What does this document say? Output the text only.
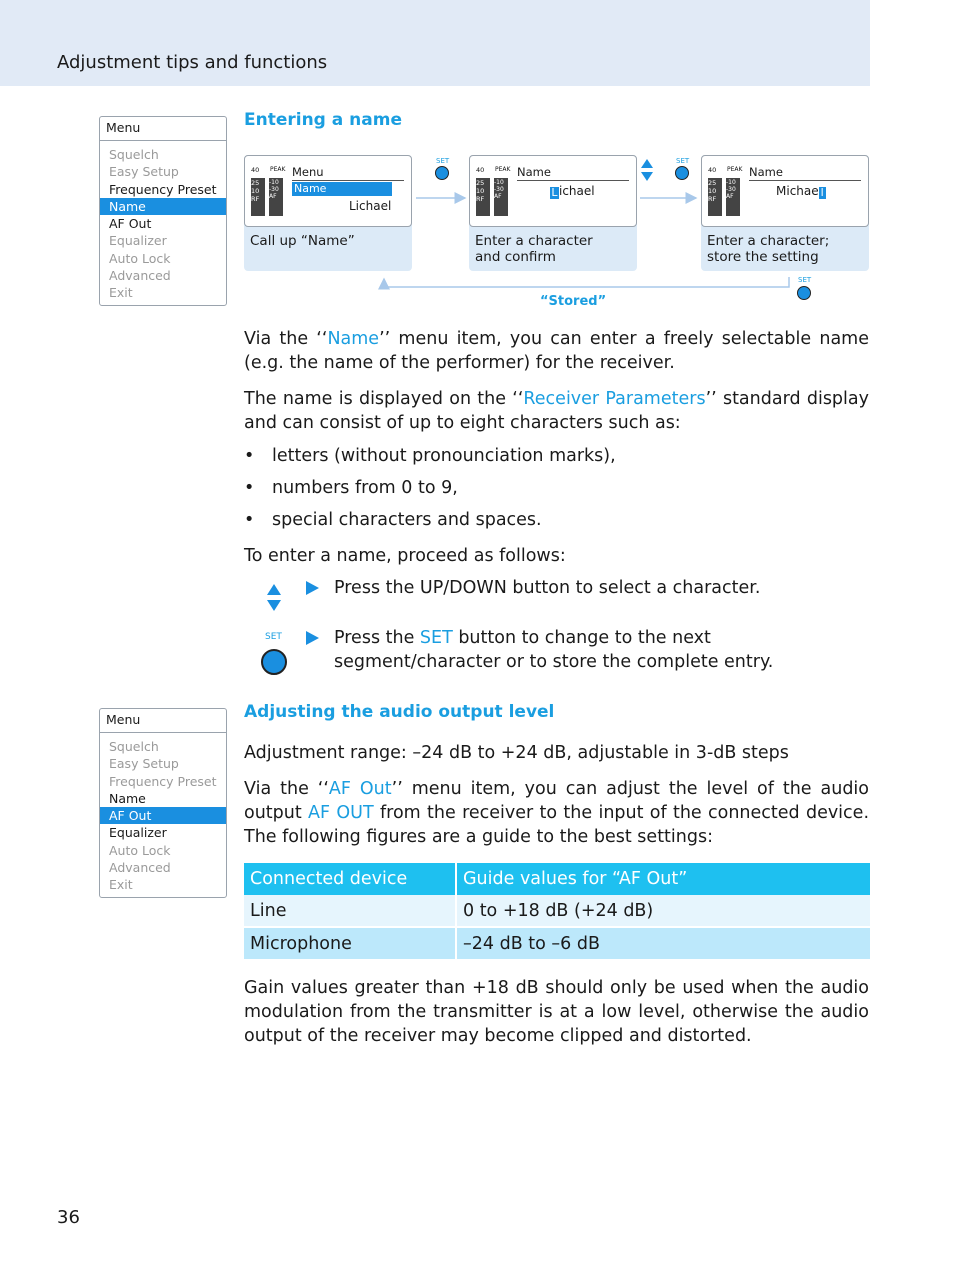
Adjustment tips and functions
Menu
Squelch
Easy Setup
Frequency Preset
Name
AF Out
Equalizer
Auto Lock
Advanced
Exit
Entering a name
40 PEAK
25
10
RF
-10
-30
AF
Menu
Name
Lichael
Call up “Name”
SET
40 PEAK
25
10
RF
-10
-30
AF
Name
Lichael
Enter a character
and confirm
SET
40 PEAK
25
10
RF
-10
-30
AF
Name
Michae l
Enter a character;
store the setting
SET
“Stored”
Via the ‘‘Name’’ menu item, you can enter a freely selectable name (e.g. the name of the performer) for the receiver.
The name is displayed on the ‘‘Receiver Parameters’’ standard display and can consist of up to eight characters such as:
• letters (without pronounciation marks),
• numbers from 0 to 9,
• special characters and spaces.
To enter a name, proceed as follows:
Press the UP/DOWN button to select a character.
SET	Press the SET button to change to the next segment/character or to store the complete entry.
Menu
Squelch
Easy Setup
Frequency Preset
Name
AF Out
Equalizer
Auto Lock
Advanced
Exit
Adjusting the audio output level
Adjustment range: –24 dB to +24 dB, adjustable in 3-dB steps
Via the ‘‘AF Out’’ menu item, you can adjust the level of the audio output AF OUT from the receiver to the input of the connected device. The following figures are a guide to the best settings:
Connected device	Guide values for “AF Out”
Line	0 to +18 dB (+24 dB)
Microphone	–24 dB to –6 dB
Gain values greater than +18 dB should only be used when the audio modulation from the transmitter is at a low level, otherwise the audio output of the receiver may become clipped and distorted.
36
